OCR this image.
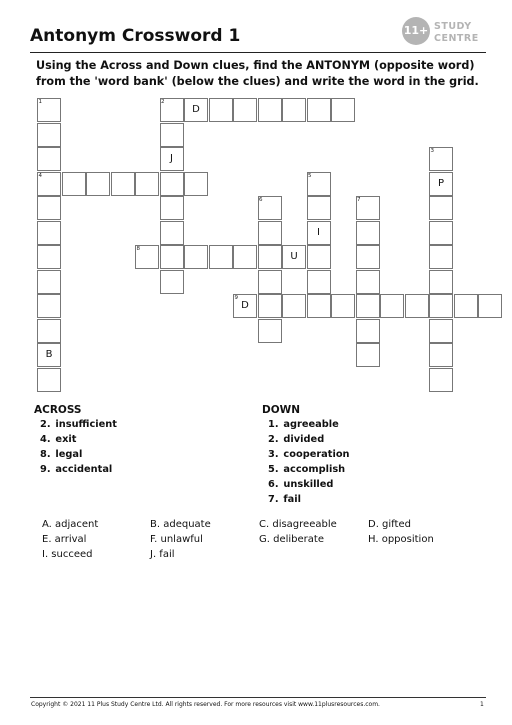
Antonym Crossword 1	11+ STUDY
CENTRE
Using the Across and Down clues, find the ANTONYM (opposite word) from the 'word bank' (below the clues) and write the word in the grid.
1	2
3
4	5
6	7
8
9
D
J
P
I
U
D
B
ACROSS
2. insufficient
4. exit
8. legal
9. accidental
DOWN
1. agreeable
2. divided
3. cooperation
5. accomplish
6. unskilled
7. fail
A. adjacent	B. adequate	C. disagreeable	D. gifted
E. arrival	F. unlawful	G. deliberate	H. opposition
I. succeed	J. fail
Copyright © 2021 11 Plus Study Centre Ltd. All rights reserved. For more resources visit www.11plusresources.com.	1
